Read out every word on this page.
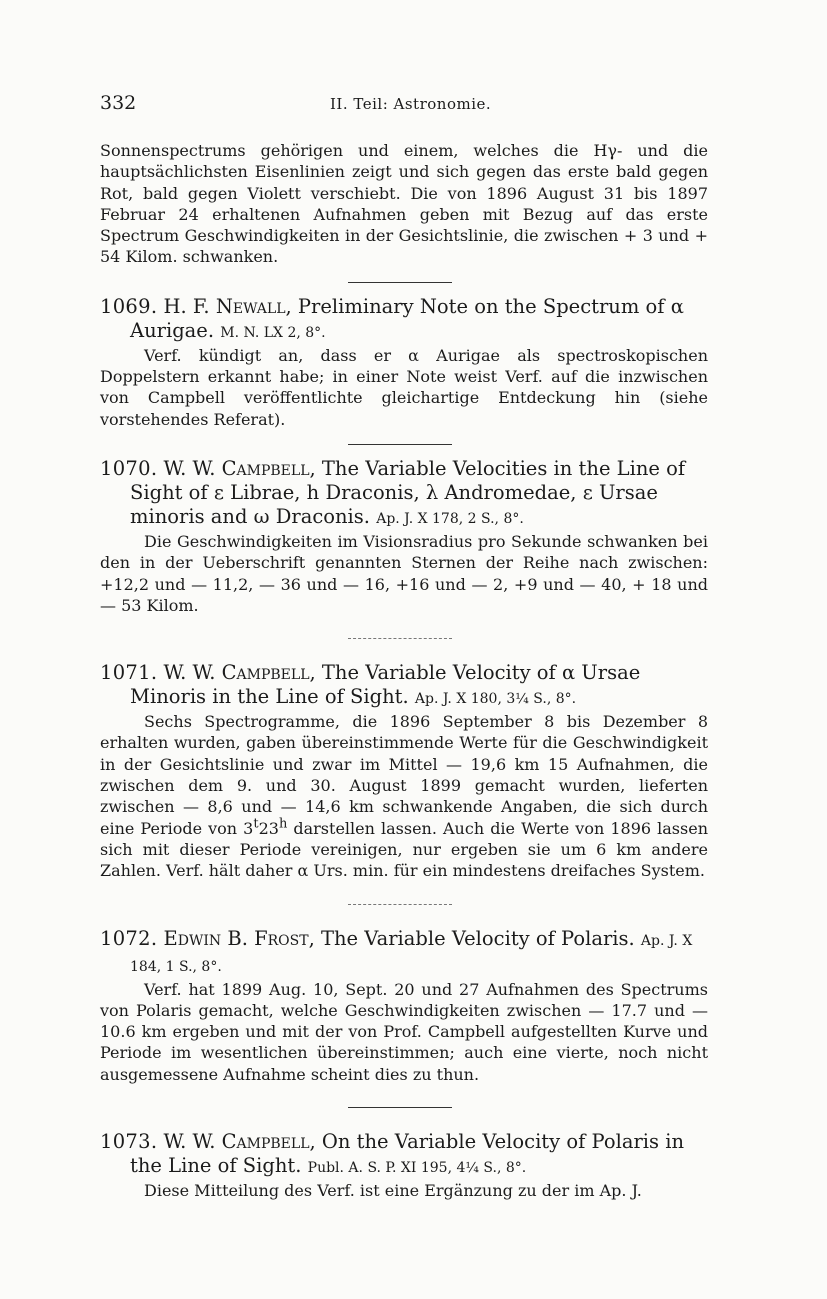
332	II. Teil: Astronomie.

Sonnenspectrums gehörigen und einem, welches die Hγ- und die hauptsächlichsten Eisenlinien zeigt und sich gegen das erste bald gegen Rot, bald gegen Violett verschiebt. Die von 1896 August 31 bis 1897 Februar 24 erhaltenen Aufnahmen geben mit Bezug auf das erste Spectrum Geschwindigkeiten in der Gesichtslinie, die zwischen + 3 und + 54 Kilom. schwanken.

1069. H. F. Newall, Preliminary Note on the Spectrum of α Aurigae. M. N. LX 2, 8°.

Verf. kündigt an, dass er α Aurigae als spectroskopischen Doppelstern erkannt habe; in einer Note weist Verf. auf die inzwischen von Campbell veröffentlichte gleichartige Entdeckung hin (siehe vorstehendes Referat).

1070. W. W. Campbell, The Variable Velocities in the Line of Sight of ε Librae, h Draconis, λ Andromedae, ε Ursae minoris and ω Draconis. Ap. J. X 178, 2 S., 8°.

Die Geschwindigkeiten im Visionsradius pro Sekunde schwanken bei den in der Ueberschrift genannten Sternen der Reihe nach zwischen: +12,2 und — 11,2, — 36 und — 16, +16 und — 2, +9 und — 40, + 18 und — 53 Kilom.

1071. W. W. Campbell, The Variable Velocity of α Ursae Minoris in the Line of Sight. Ap. J. X 180, 3¼ S., 8°.

Sechs Spectrogramme, die 1896 September 8 bis Dezember 8 erhalten wurden, gaben übereinstimmende Werte für die Geschwindigkeit in der Gesichtslinie und zwar im Mittel — 19,6 km 15 Aufnahmen, die zwischen dem 9. und 30. August 1899 gemacht wurden, lieferten zwischen — 8,6 und — 14,6 km schwankende Angaben, die sich durch eine Periode von 3$^t$23$^h$ darstellen lassen. Auch die Werte von 1896 lassen sich mit dieser Periode vereinigen, nur ergeben sie um 6 km andere Zahlen. Verf. hält daher α Urs. min. für ein mindestens dreifaches System.

1072. Edwin B. Frost, The Variable Velocity of Polaris. Ap. J. X 184, 1 S., 8°.

Verf. hat 1899 Aug. 10, Sept. 20 und 27 Aufnahmen des Spectrums von Polaris gemacht, welche Geschwindigkeiten zwischen — 17.7 und — 10.6 km ergeben und mit der von Prof. Campbell aufgestellten Kurve und Periode im wesentlichen übereinstimmen; auch eine vierte, noch nicht ausgemessene Aufnahme scheint dies zu thun.

1073. W. W. Campbell, On the Variable Velocity of Polaris in the Line of Sight. Publ. A. S. P. XI 195, 4¼ S., 8°.

Diese Mitteilung des Verf. ist eine Ergänzung zu der im Ap. J.
